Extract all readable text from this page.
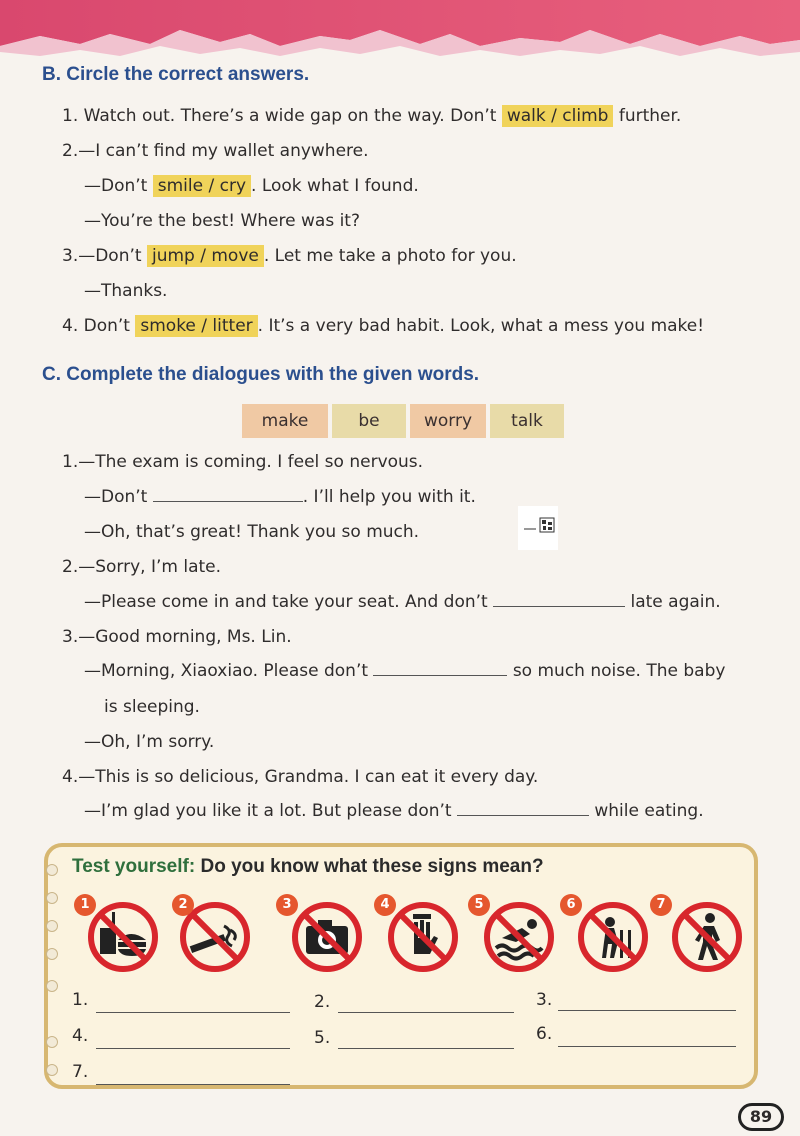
B. Circle the correct answers.
1. Watch out. There’s a wide gap on the way. Don’t walk / climb further.
2.—I can’t find my wallet anywhere.
—Don’t smile / cry . Look what I found.
—You’re the best! Where was it?
3.—Don’t jump / move . Let me take a photo for you.
—Thanks.
4. Don’t smoke / litter . It’s a very bad habit. Look, what a mess you make!
C. Complete the dialogues with the given words.
make	be	worry	talk
1.—The exam is coming. I feel so nervous.
—Don’t	. I’ll help you with it.
—Oh, that’s great! Thank you so much.
2.—Sorry, I’m late.
—Please come in and take your seat. And don’t	late again.
3.—Good morning, Ms. Lin.
—Morning, Xiaoxiao. Please don’t	so much noise. The baby
is sleeping.
—Oh, I’m sorry.
4.—This is so delicious, Grandma. I can eat it every day.
—I’m glad you like it a lot. But please don’t	while eating.
Test yourself: Do you know what these signs mean?
1	2	3	4	5	6	7
1.	2.	3.
4.	5.	6.
7.
89
